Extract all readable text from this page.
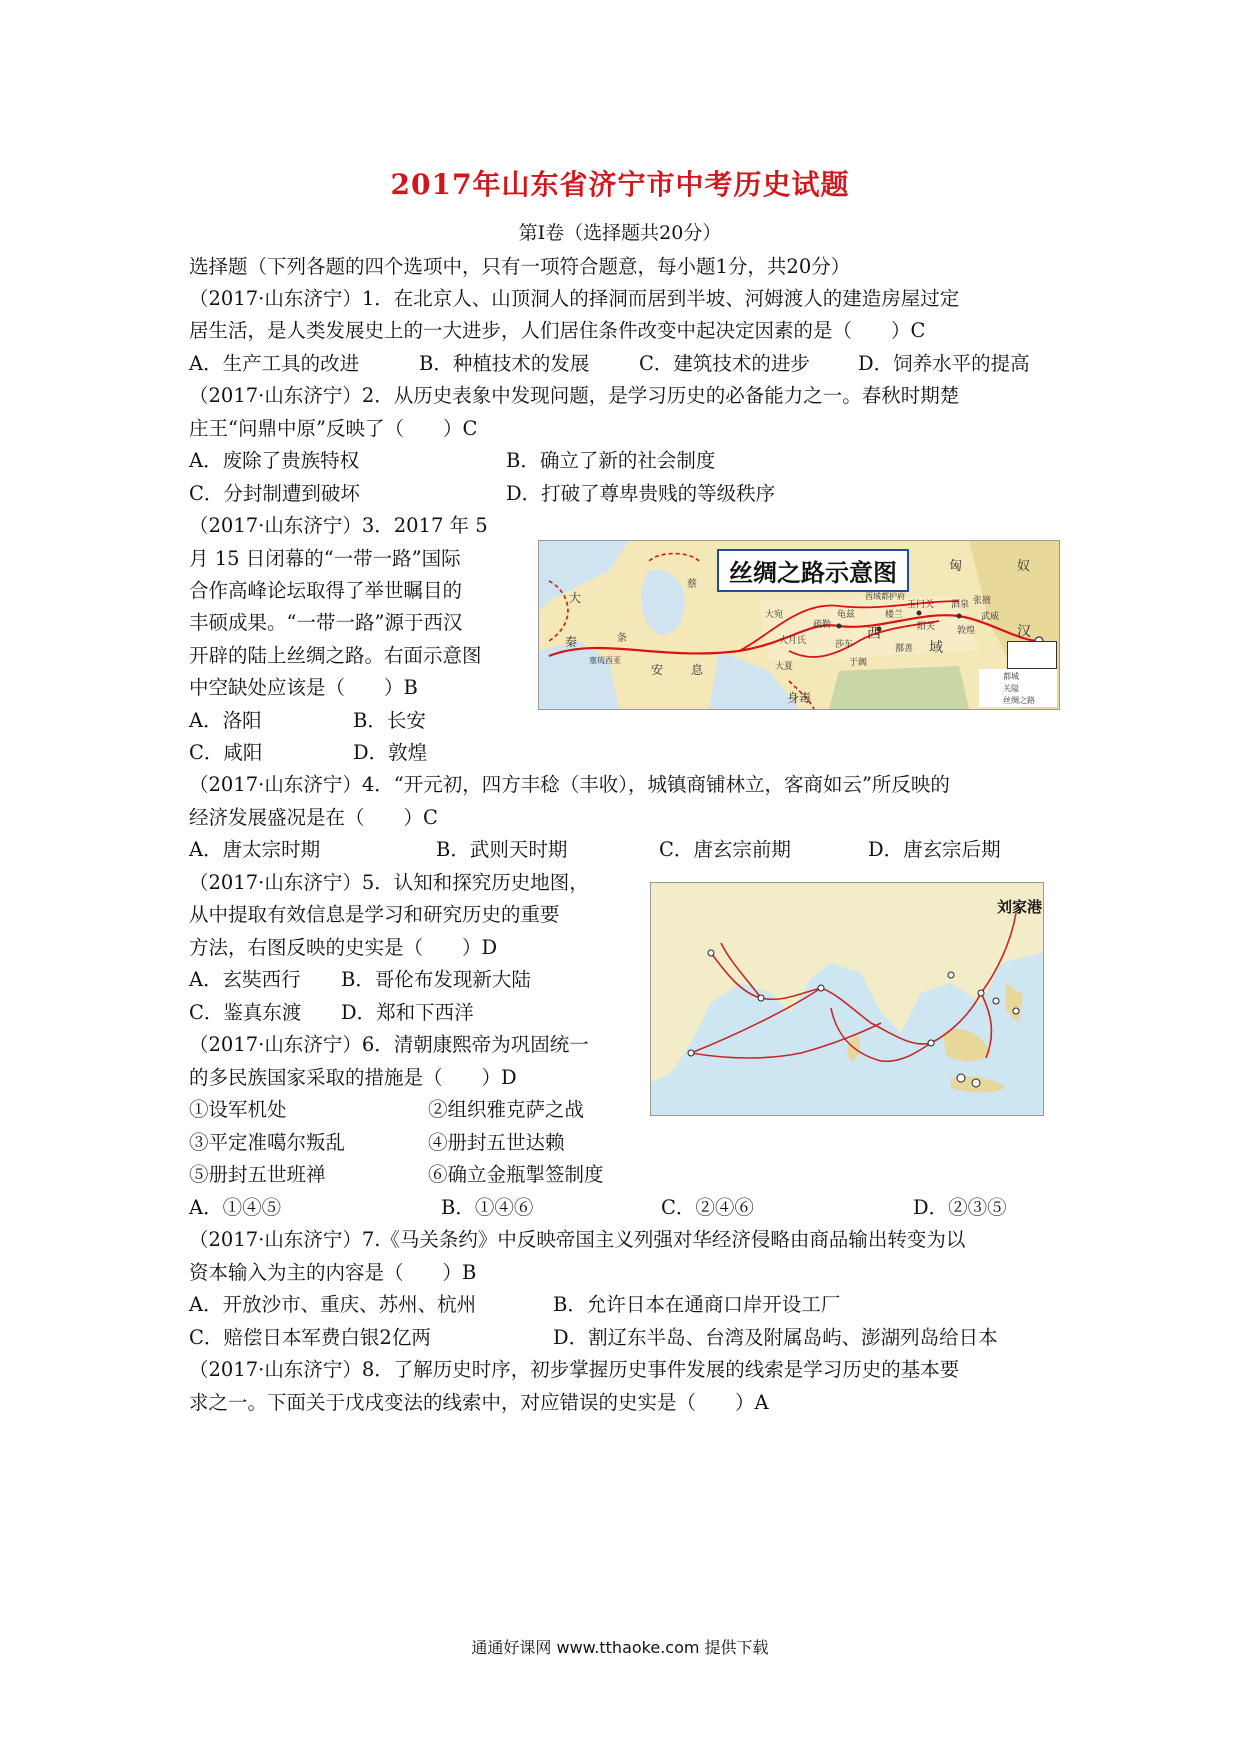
2017年山东省济宁市中考历史试题
第Ⅰ卷（选择题共20分）
选择题（下列各题的四个选项中，只有一项符合题意，每小题1分，共20分）
（2017·山东济宁）1．在北京人、山顶洞人的择洞而居到半坡、河姆渡人的建造房屋过定
居生活，是人类发展史上的一大进步，人们居住条件改变中起决定因素的是（　　）C
A．生产工具的改进	B．种植技术的发展	C．建筑技术的进步 D．饲养水平的提高
（2017·山东济宁）2．从历史表象中发现问题，是学习历史的必备能力之一。春秋时期楚
庄王“问鼎中原”反映了（　　）C
A．废除了贵族特权	B．确立了新的社会制度
C．分封制遭到破坏	D．打破了尊卑贵贱的等级秩序
（2017·山东济宁）3．2017 年 5
月 15 日闭幕的“一带一路”国际
合作高峰论坛取得了举世瞩目的
丰硕成果。“一带一路”源于西汉
开辟的陆上丝绸之路。右面示意图
中空缺处应该是（　　）B
A．洛阳	B．长安
C．咸阳	D．敦煌
丝绸之路示意图	匈	奴
蔡
大
秦
安 息
条
大宛
疏勒
莎车
龟兹	楼兰
玉门关
阳关
酒泉 张掖
武威
敦煌
西
域
于阗
鄯善
大月氏
大夏
身毒
塞琉西亚
汉
西域都护府
都城
关隘
丝绸之路
（2017·山东济宁）4．“开元初，四方丰稔（丰收），城镇商铺林立，客商如云”所反映的
经济发展盛况是在（　　）C
A．唐太宗时期	B．武则天时期	C．唐玄宗前期	D．唐玄宗后期
（2017·山东济宁）5．认知和探究历史地图，
从中提取有效信息是学习和研究历史的重要
方法，右图反映的史实是（　　）D
A．玄奘西行 B．哥伦布发现新大陆
C．鉴真东渡 D．郑和下西洋
刘家港
（2017·山东济宁）6．清朝康熙帝为巩固统一
的多民族国家采取的措施是（　　）D
①设军机处	②组织雅克萨之战
③平定准噶尔叛乱	④册封五世达赖
⑤册封五世班禅	⑥确立金瓶掣签制度
A．①④⑤	B．①④⑥	C．②④⑥	D．②③⑤
（2017·山东济宁）7.《马关条约》中反映帝国主义列强对华经济侵略由商品输出转变为以
资本输入为主的内容是（　　）B
A．开放沙市、重庆、苏州、杭州	B．允许日本在通商口岸开设工厂
C．赔偿日本军费白银2亿两	D．割辽东半岛、台湾及附属岛屿、澎湖列岛给日本
（2017·山东济宁）8．了解历史时序，初步掌握历史事件发展的线索是学习历史的基本要
求之一。下面关于戊戌变法的线索中，对应错误的史实是（　　）A
通通好课网 www.tthaoke.com 提供下载
